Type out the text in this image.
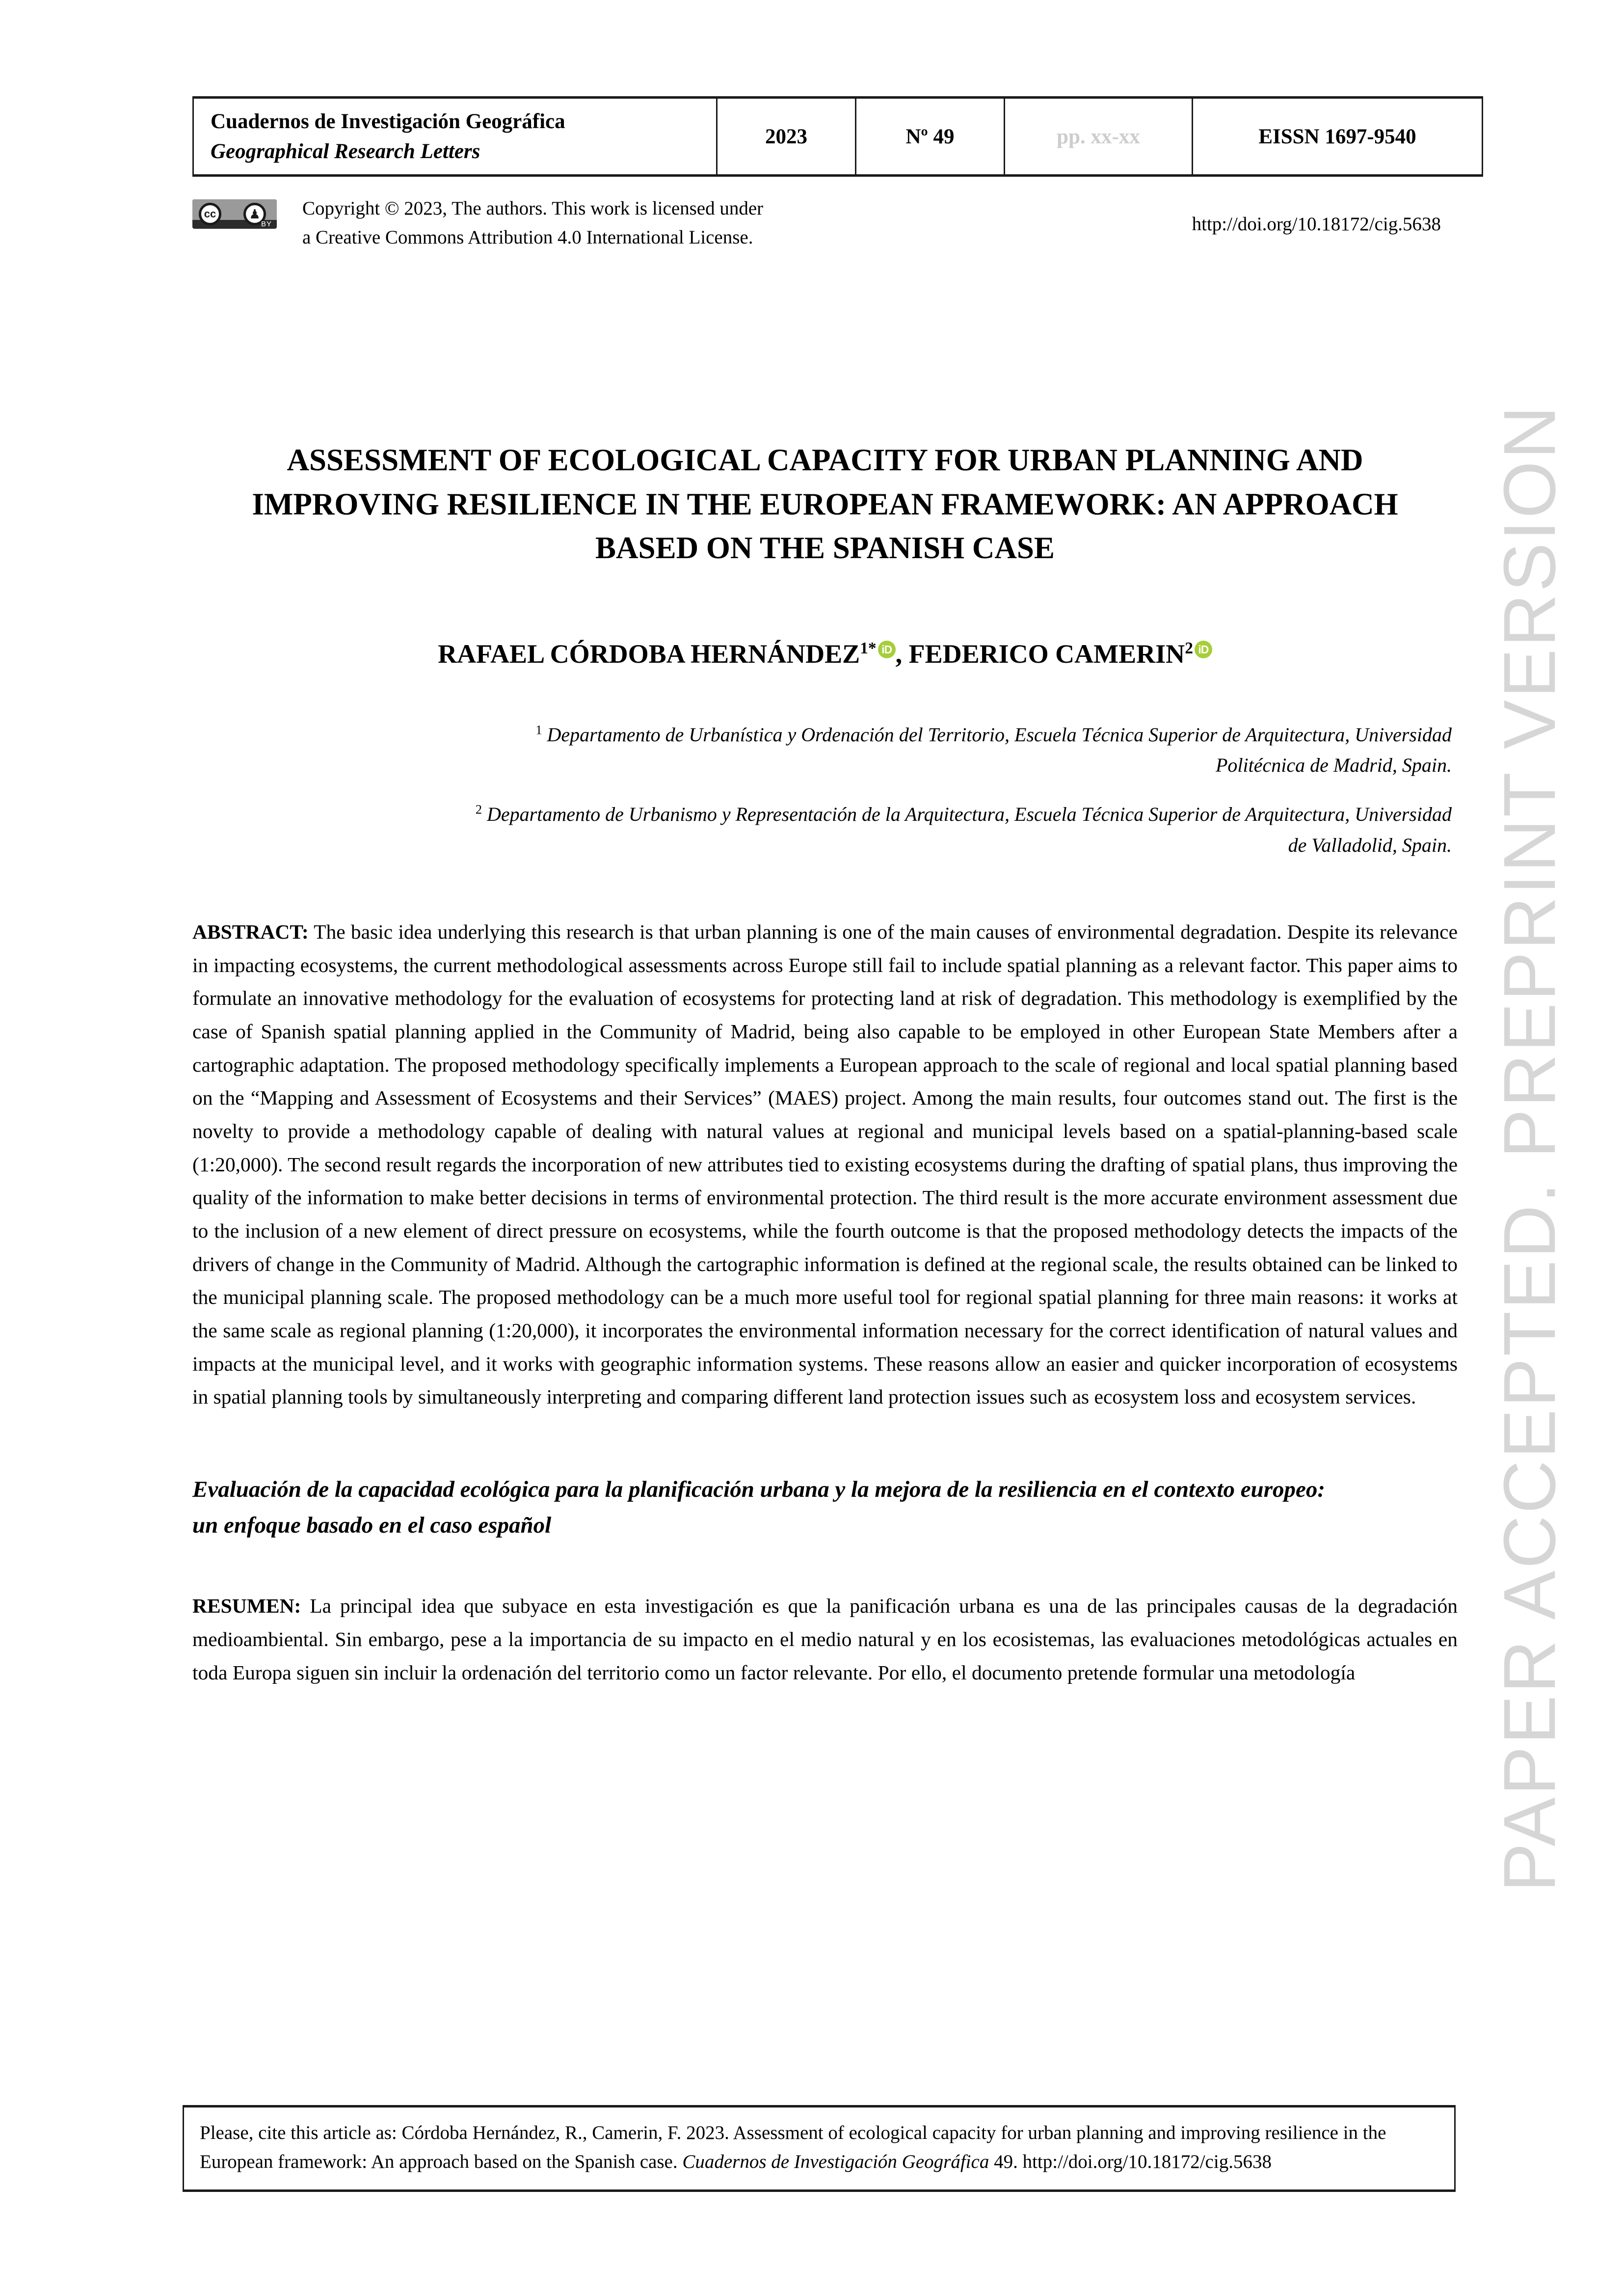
PAPER ACCEPTED. PREPRINT VERSION
Cuadernos de Investigación Geográfica
Geographical Research Letters
	2023	Nº 49	pp. xx-xx	EISSN 1697-9540
cc	♟
BY
Copyright © 2023, The authors. This work is licensed under
a Creative Commons Attribution 4.0 International License.
http://doi.org/10.18172/cig.5638
ASSESSMENT OF ECOLOGICAL CAPACITY FOR URBAN PLANNING AND IMPROVING RESILIENCE IN THE EUROPEAN FRAMEWORK: AN APPROACH BASED ON THE SPANISH CASE
RAFAEL CÓRDOBA $HERNÁNDEZ^{1*}$ iD , FEDERICO CAMERIN$^2$ iD

$^1$ Departamento de Urbanística y Ordenación del Territorio, Escuela Técnica Superior de Arquitectura, Universidad Politécnica de Madrid, Spain.

$^2$ Departamento de Urbanismo y Representación de la Arquitectura, Escuela Técnica Superior de Arquitectura, Universidad de Valladolid, Spain.

ABSTRACT: The basic idea underlying this research is that urban planning is one of the main causes of environmental degradation. Despite its relevance in impacting ecosystems, the current methodological assessments across Europe still fail to include spatial planning as a relevant factor. This paper aims to formulate an innovative methodology for the evaluation of ecosystems for protecting land at risk of degradation. This methodology is exemplified by the case of Spanish spatial planning applied in the Community of Madrid, being also capable to be employed in other European State Members after a cartographic adaptation. The proposed methodology specifically implements a European approach to the scale of regional and local spatial planning based on the “Mapping and Assessment of Ecosystems and their Services” (MAES) project. Among the main results, four outcomes stand out. The first is the novelty to provide a methodology capable of dealing with natural values at regional and municipal levels based on a spatial-planning-based scale (1:20,000). The second result regards the incorporation of new attributes tied to existing ecosystems during the drafting of spatial plans, thus improving the quality of the information to make better decisions in terms of environmental protection. The third result is the more accurate environment assessment due to the inclusion of a new element of direct pressure on ecosystems, while the fourth outcome is that the proposed methodology detects the impacts of the drivers of change in the Community of Madrid. Although the cartographic information is defined at the regional scale, the results obtained can be linked to the municipal planning scale. The proposed methodology can be a much more useful tool for regional spatial planning for three main reasons: it works at the same scale as regional planning (1:20,000), it incorporates the environmental information necessary for the correct identification of natural values and impacts at the municipal level, and it works with geographic information systems. These reasons allow an easier and quicker incorporation of ecosystems in spatial planning tools by simultaneously interpreting and comparing different land protection issues such as ecosystem loss and ecosystem services.
Evaluación de la capacidad ecológica para la planificación urbana y la mejora de la resiliencia en el contexto europeo: un enfoque basado en el caso español
RESUMEN: La principal idea que subyace en esta investigación es que la panificación urbana es una de las principales causas de la degradación medioambiental. Sin embargo, pese a la importancia de su impacto en el medio natural y en los ecosistemas, las evaluaciones metodológicas actuales en toda Europa siguen sin incluir la ordenación del territorio como un factor relevante. Por ello, el documento pretende formular una metodología
Please, cite this article as: Córdoba Hernández, R., Camerin, F. 2023. Assessment of ecological capacity for urban planning and improving resilience in the European framework: An approach based on the Spanish case. Cuadernos de Investigación Geográfica 49. http://doi.org/10.18172/cig.5638
